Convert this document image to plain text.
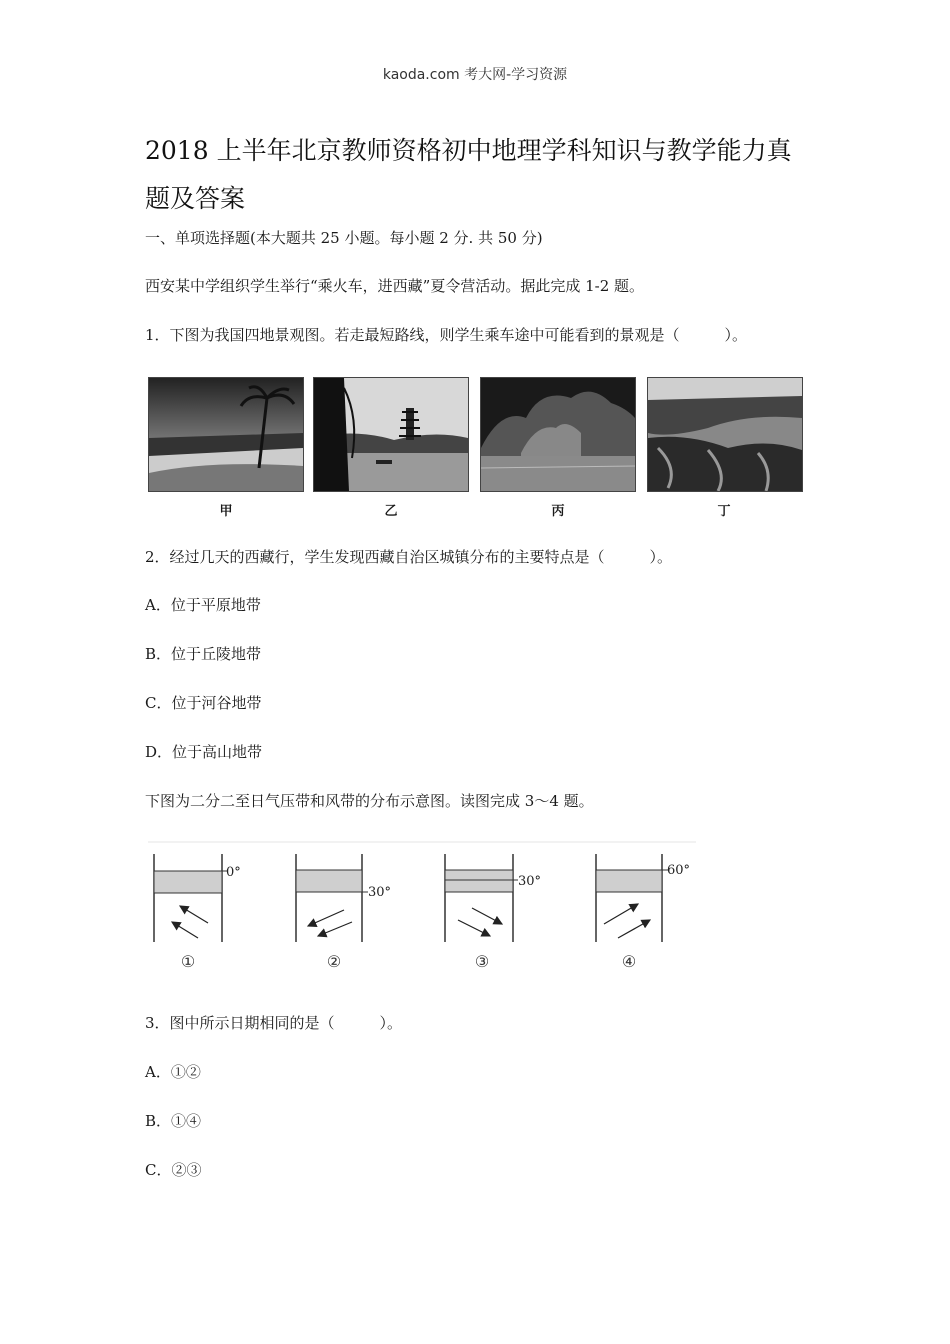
kaoda.com 考大网-学习资源
2018 上半年北京教师资格初中地理学科知识与教学能力真
题及答案
一、单项选择题(本大题共 25 小题。每小题 2 分. 共 50 分)
西安某中学组织学生举行“乘火车，进西藏”夏令营活动。据此完成 1-2 题。
1．下图为我国四地景观图。若走最短路线，则学生乘车途中可能看到的景观是（　　　）。
甲	乙	丙	丁
2．经过几天的西藏行，学生发现西藏自治区城镇分布的主要特点是（　　　）。
A．位于平原地带
B．位于丘陵地带
C．位于河谷地带
D．位于高山地带
下图为二分二至日气压带和风带的分布示意图。读图完成 3～4 题。
0°
①
30°
②
30°
③
60°
④
3．图中所示日期相同的是（　　　）。
A．①②
B．①④
C．②③
